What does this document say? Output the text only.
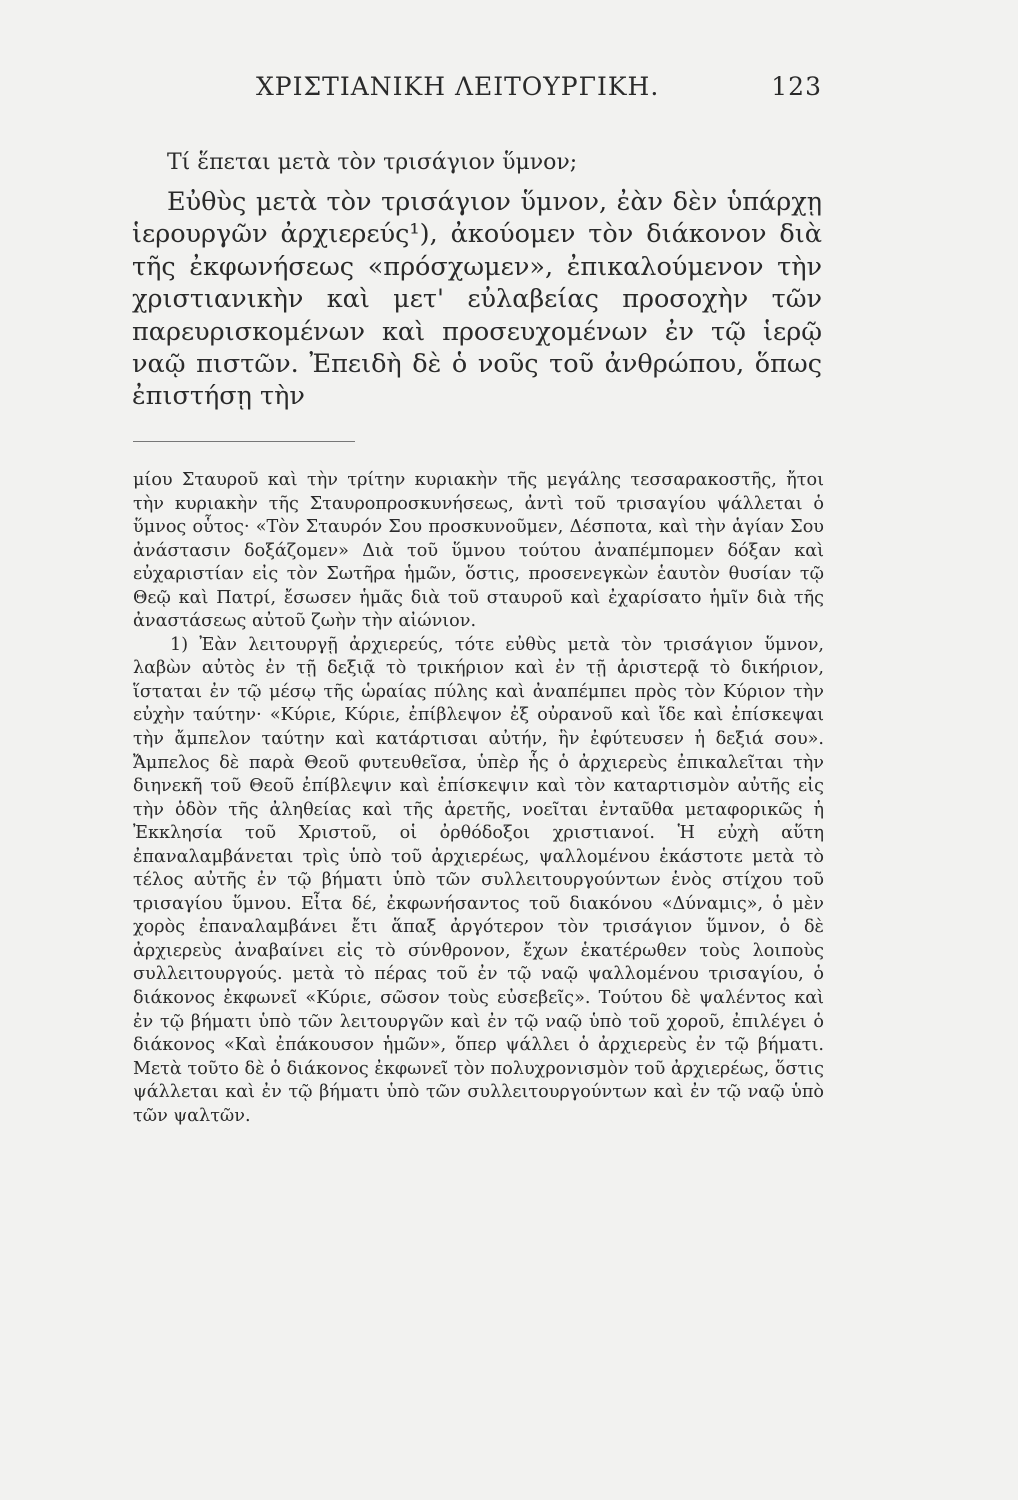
ΧΡΙΣΤΙΑΝΙΚΗ ΛΕΙΤΟΥΡΓΙΚΗ.	123
Τί ἕπεται μετὰ τὸν τρισάγιον ὕμνον;

Εὐθὺς μετὰ τὸν τρισάγιον ὕμνον, ἐὰν δὲν ὑπάρχῃ ἱερουργῶν ἀρχιερεύς¹), ἀκούομεν τὸν διάκονον διὰ τῆς ἐκφωνήσεως «πρόσχωμεν», ἐπικαλούμενον τὴν χριστιανικὴν καὶ μετ' εὐλαβείας προσοχὴν τῶν παρευρισκομένων καὶ προσευχομένων ἐν τῷ ἱερῷ ναῷ πιστῶν. Ἐπειδὴ δὲ ὁ νοῦς τοῦ ἀνθρώπου, ὅπως ἐπιστήσῃ τὴν

μίου Σταυροῦ καὶ τὴν τρίτην κυριακὴν τῆς μεγάλης τεσσαρακοστῆς, ἤτοι τὴν κυριακὴν τῆς Σταυροπροσκυνήσεως, ἀντὶ τοῦ τρισαγίου ψάλλεται ὁ ὕμνος οὗτος· «Τὸν Σταυρόν Σου προσκυνοῦμεν, Δέσποτα, καὶ τὴν ἁγίαν Σου ἀνάστασιν δοξάζομεν» Διὰ τοῦ ὕμνου τούτου ἀναπέμπομεν δόξαν καὶ εὐχαριστίαν εἰς τὸν Σωτῆρα ἡμῶν, ὅστις, προσενεγκὼν ἑαυτὸν θυσίαν τῷ Θεῷ καὶ Πατρί, ἔσωσεν ἡμᾶς διὰ τοῦ σταυροῦ καὶ ἐχαρίσατο ἡμῖν διὰ τῆς ἀναστάσεως αὐτοῦ ζωὴν τὴν αἰώνιον.

1) Ἐὰν λειτουργῇ ἀρχιερεύς, τότε εὐθὺς μετὰ τὸν τρισάγιον ὕμνον, λαβὼν αὐτὸς ἐν τῇ δεξιᾷ τὸ τρικήριον καὶ ἐν τῇ ἀριστερᾷ τὸ δικήριον, ἵσταται ἐν τῷ μέσῳ τῆς ὡραίας πύλης καὶ ἀναπέμπει πρὸς τὸν Κύριον τὴν εὐχὴν ταύτην· «Κύριε, Κύριε, ἐπίβλεψον ἐξ οὐρανοῦ καὶ ἴδε καὶ ἐπίσκεψαι τὴν ἄμπελον ταύτην καὶ κατάρτισαι αὐτήν, ἣν ἐφύτευσεν ἡ δεξιά σου». Ἄμπελος δὲ παρὰ Θεοῦ φυτευθεῖσα, ὑπὲρ ἧς ὁ ἀρχιερεὺς ἐπικαλεῖται τὴν διηνεκῆ τοῦ Θεοῦ ἐπίβλεψιν καὶ ἐπίσκεψιν καὶ τὸν καταρτισμὸν αὐτῆς εἰς τὴν ὁδὸν τῆς ἀληθείας καὶ τῆς ἀρετῆς, νοεῖται ἐνταῦθα μεταφορικῶς ἡ Ἐκκλησία τοῦ Χριστοῦ, οἱ ὀρθόδοξοι χριστιανοί. Ἡ εὐχὴ αὕτη ἐπαναλαμβάνεται τρὶς ὑπὸ τοῦ ἀρχιερέως, ψαλλομένου ἑκάστοτε μετὰ τὸ τέλος αὐτῆς ἐν τῷ βήματι ὑπὸ τῶν συλλειτουργούντων ἑνὸς στίχου τοῦ τρισαγίου ὕμνου. Εἶτα δέ, ἐκφωνήσαντος τοῦ διακόνου «Δύναμις», ὁ μὲν χορὸς ἐπαναλαμβάνει ἔτι ἅπαξ ἀργότερον τὸν τρισάγιον ὕμνον, ὁ δὲ ἀρχιερεὺς ἀναβαίνει εἰς τὸ σύνθρονον, ἔχων ἑκατέρωθεν τοὺς λοιποὺς συλλειτουργούς. μετὰ τὸ πέρας τοῦ ἐν τῷ ναῷ ψαλλομένου τρισαγίου, ὁ διάκονος ἐκφωνεῖ «Κύριε, σῶσον τοὺς εὐσεβεῖς». Τούτου δὲ ψαλέντος καὶ ἐν τῷ βήματι ὑπὸ τῶν λειτουργῶν καὶ ἐν τῷ ναῷ ὑπὸ τοῦ χοροῦ, ἐπιλέγει ὁ διάκονος «Καὶ ἐπάκουσον ἡμῶν», ὅπερ ψάλλει ὁ ἀρχιερεὺς ἐν τῷ βήματι. Μετὰ τοῦτο δὲ ὁ διάκονος ἐκφωνεῖ τὸν πολυχρονισμὸν τοῦ ἀρχιερέως, ὅστις ψάλλεται καὶ ἐν τῷ βήματι ὑπὸ τῶν συλλειτουργούντων καὶ ἐν τῷ ναῷ ὑπὸ τῶν ψαλτῶν.
